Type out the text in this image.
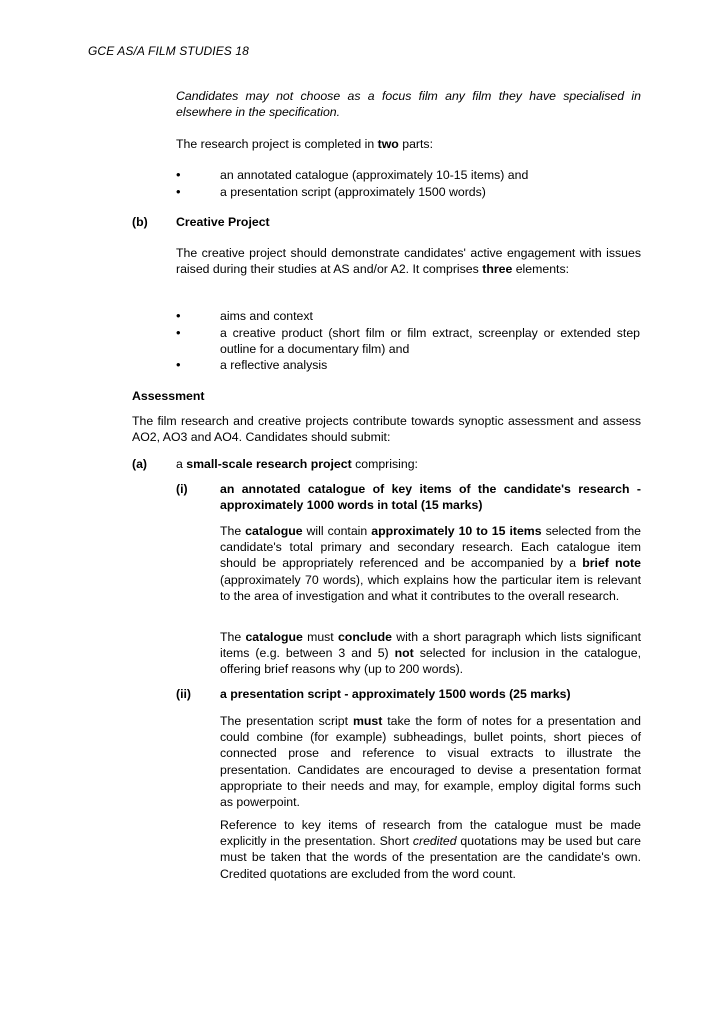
GCE AS/A FILM STUDIES 18
Candidates may not choose as a focus film any film they have specialised in elsewhere in the specification.
The research project is completed in two parts:
•	an annotated catalogue (approximately 10-15 items) and
•	a presentation script (approximately 1500 words)
(b) Creative Project
The creative project should demonstrate candidates' active engagement with issues raised during their studies at AS and/or A2. It comprises three elements:
•	aims and context
•	a creative product (short film or film extract, screenplay or extended step outline for a documentary film) and
•	a reflective analysis
Assessment
The film research and creative projects contribute towards synoptic assessment and assess AO2, AO3 and AO4. Candidates should submit:
(a) a small-scale research project comprising:
(i)	an annotated catalogue of key items of the candidate's research - approximately 1000 words in total (15 marks)
The catalogue will contain approximately 10 to 15 items selected from the candidate's total primary and secondary research. Each catalogue item should be appropriately referenced and be accompanied by a brief note (approximately 70 words), which explains how the particular item is relevant to the area of investigation and what it contributes to the overall research.
The catalogue must conclude with a short paragraph which lists significant items (e.g. between 3 and 5) not selected for inclusion in the catalogue, offering brief reasons why (up to 200 words).
(ii) a presentation script - approximately 1500 words (25 marks)
The presentation script must take the form of notes for a presentation and could combine (for example) subheadings, bullet points, short pieces of connected prose and reference to visual extracts to illustrate the presentation. Candidates are encouraged to devise a presentation format appropriate to their needs and may, for example, employ digital forms such as powerpoint.
Reference to key items of research from the catalogue must be made explicitly in the presentation. Short credited quotations may be used but care must be taken that the words of the presentation are the candidate's own. Credited quotations are excluded from the word count.
